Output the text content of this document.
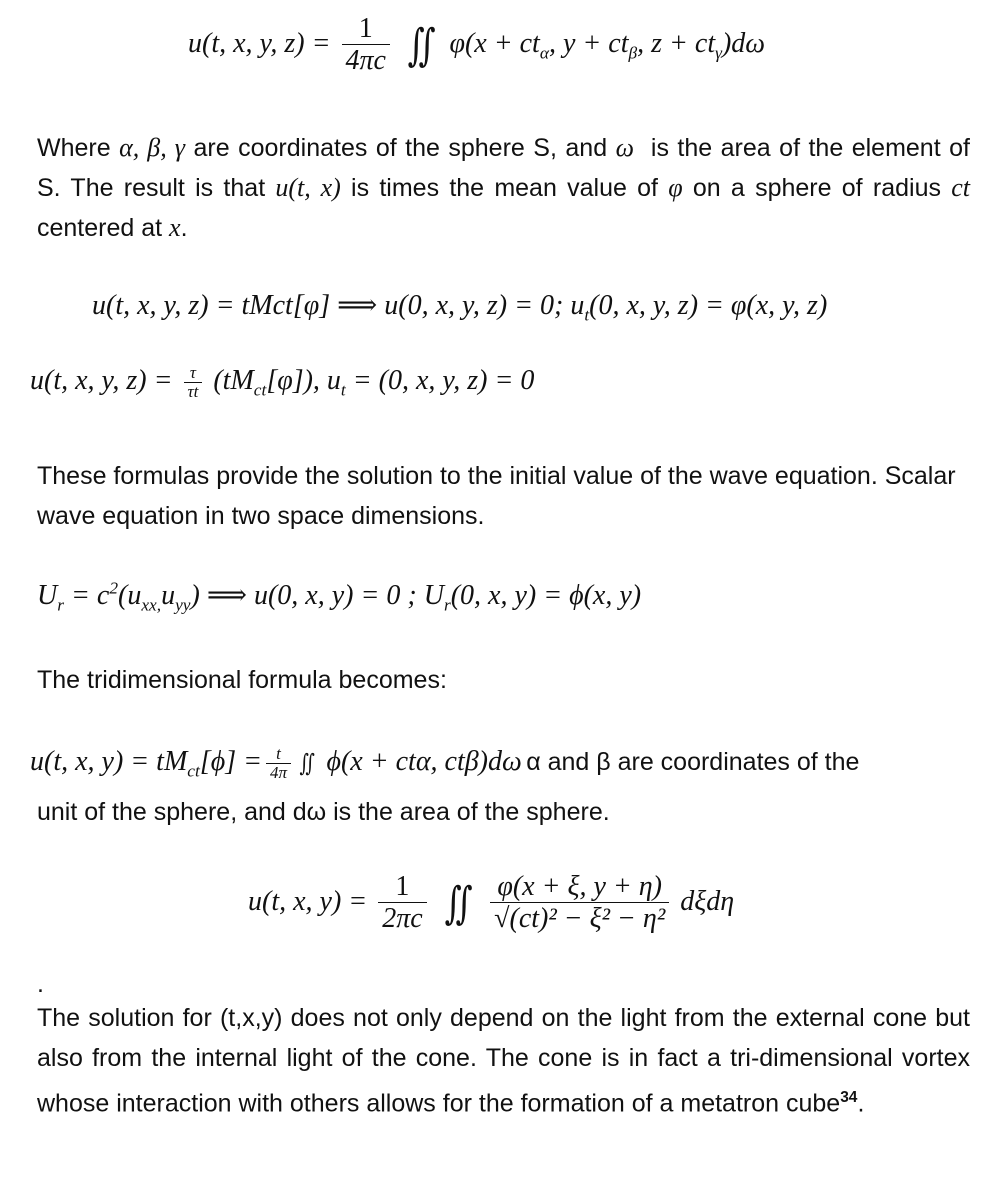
u(t, x, y, $z) = \frac{1}{4\pi c}$ ∬ $\varphi(x + ct_\alpha$, $y + ct_\beta$, $z + ct_\gamma)d\omega$
Where α, β, γ are coordinates of the sphere S, and ω  is the area of the element of S. The result is that u(t, x) is times the mean value of φ on a sphere of radius ct centered at x.
u(t, x, y, z) = tMct[φ] ⟹ u(0, x, y, z) = 0; $u_t(0$, x, y, z) = φ(x, y, z)
u(t, x, y, $z) = \frac{\tau}{\tau t} (tM_{ct}[\varphi])$, $u_t = (0$, x, y, z) = 0
These formulas provide the solution to the initial value of the wave equation. Scalar wave equation in two space dimensions.
$U_r = c^2(u_{xx,}u_{yy})$ ⟹ u(0, x, y) = 0 ; $U_r(0$, x, y) = ϕ(x, y)
The tridimensional formula becomes:
u(t, x, $y) = tM_{ct}[\phi] = \frac{t}{4\pi}$ ∬ ϕ(x + ctα, ctβ)dω α and β are coordinates of the
unit of the sphere, and dω is the area of the sphere.
u(t, x, $y) = \frac{1}{2\pi c}$ ∬ $\frac{\varphi(x + \xi, y + \eta)}{\text{√(ct)² − ξ² − η²}}$ dξdη
.
The solution for (t,x,y) does not only depend on the light from the external cone but also from the internal light of the cone. The cone is in fact a tri-dimensional vortex whose interaction with others allows for the formation of a metatron cube$^{34}$.
